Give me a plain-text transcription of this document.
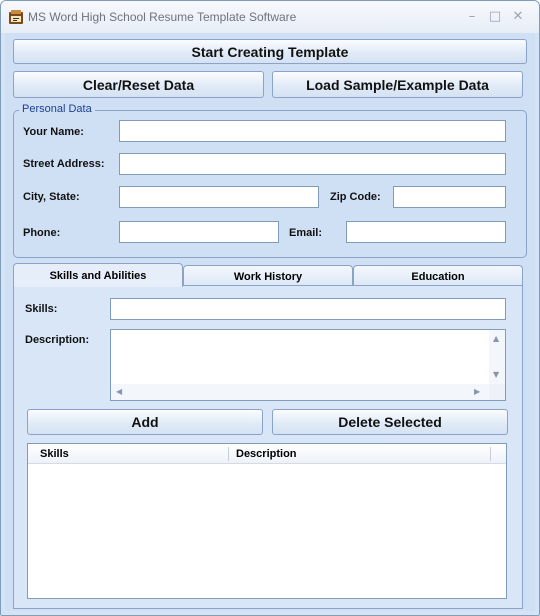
MS Word High School Resume Template Software	–	□ ✕
Start Creating Template
Clear/Reset Data	Load Sample/Example Data
Personal Data
Your Name:
Street Address:
City, State:	Zip Code:
Phone:	Email:
Skills and Abilities	Work History	Education
Skills:
Description:	▲
▼
◀	▶
Add	Delete Selected
Skills	Description
